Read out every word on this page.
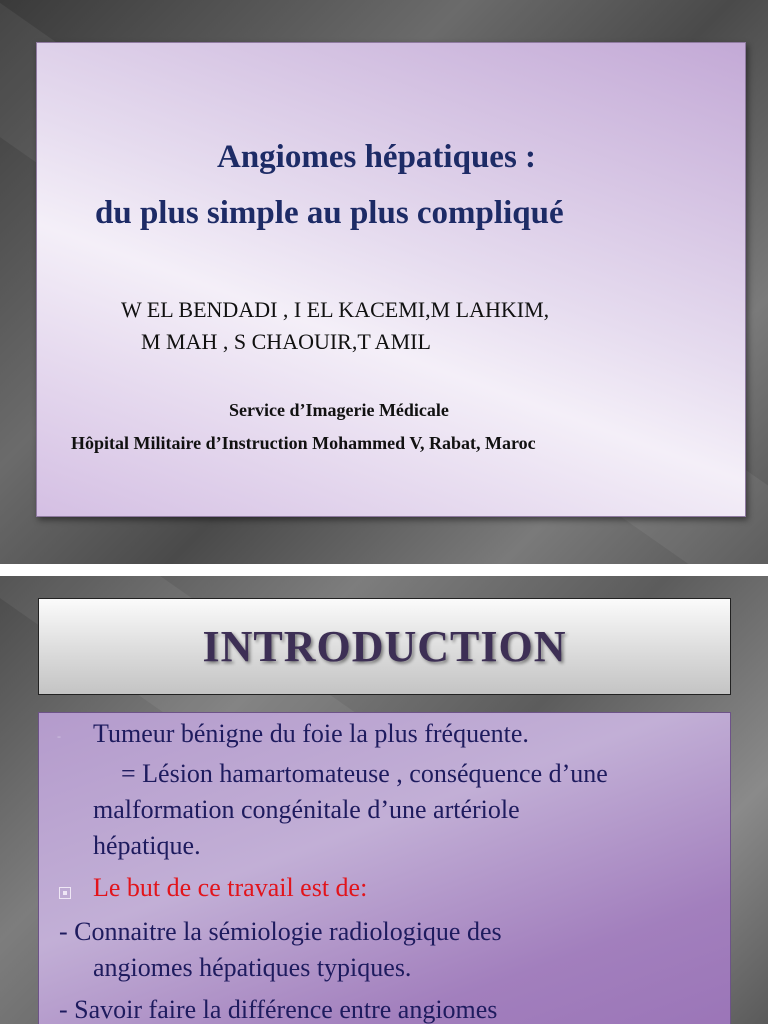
Angiomes hépatiques :
du plus simple au plus compliqué
W EL BENDADI , I EL KACEMI,M LAHKIM,
M MAH , S CHAOUIR,T AMIL
Service d’Imagerie Médicale
Hôpital Militaire d’Instruction Mohammed V, Rabat, Maroc
INTRODUCTION
- Tumeur bénigne du foie la plus fréquente.
= Lésion hamartomateuse , conséquence d’une
malformation congénitale d’une artériole
hépatique.
Le but de ce travail est de:
- Connaitre la sémiologie radiologique des
angiomes hépatiques typiques.
- Savoir faire la différence entre angiomes
